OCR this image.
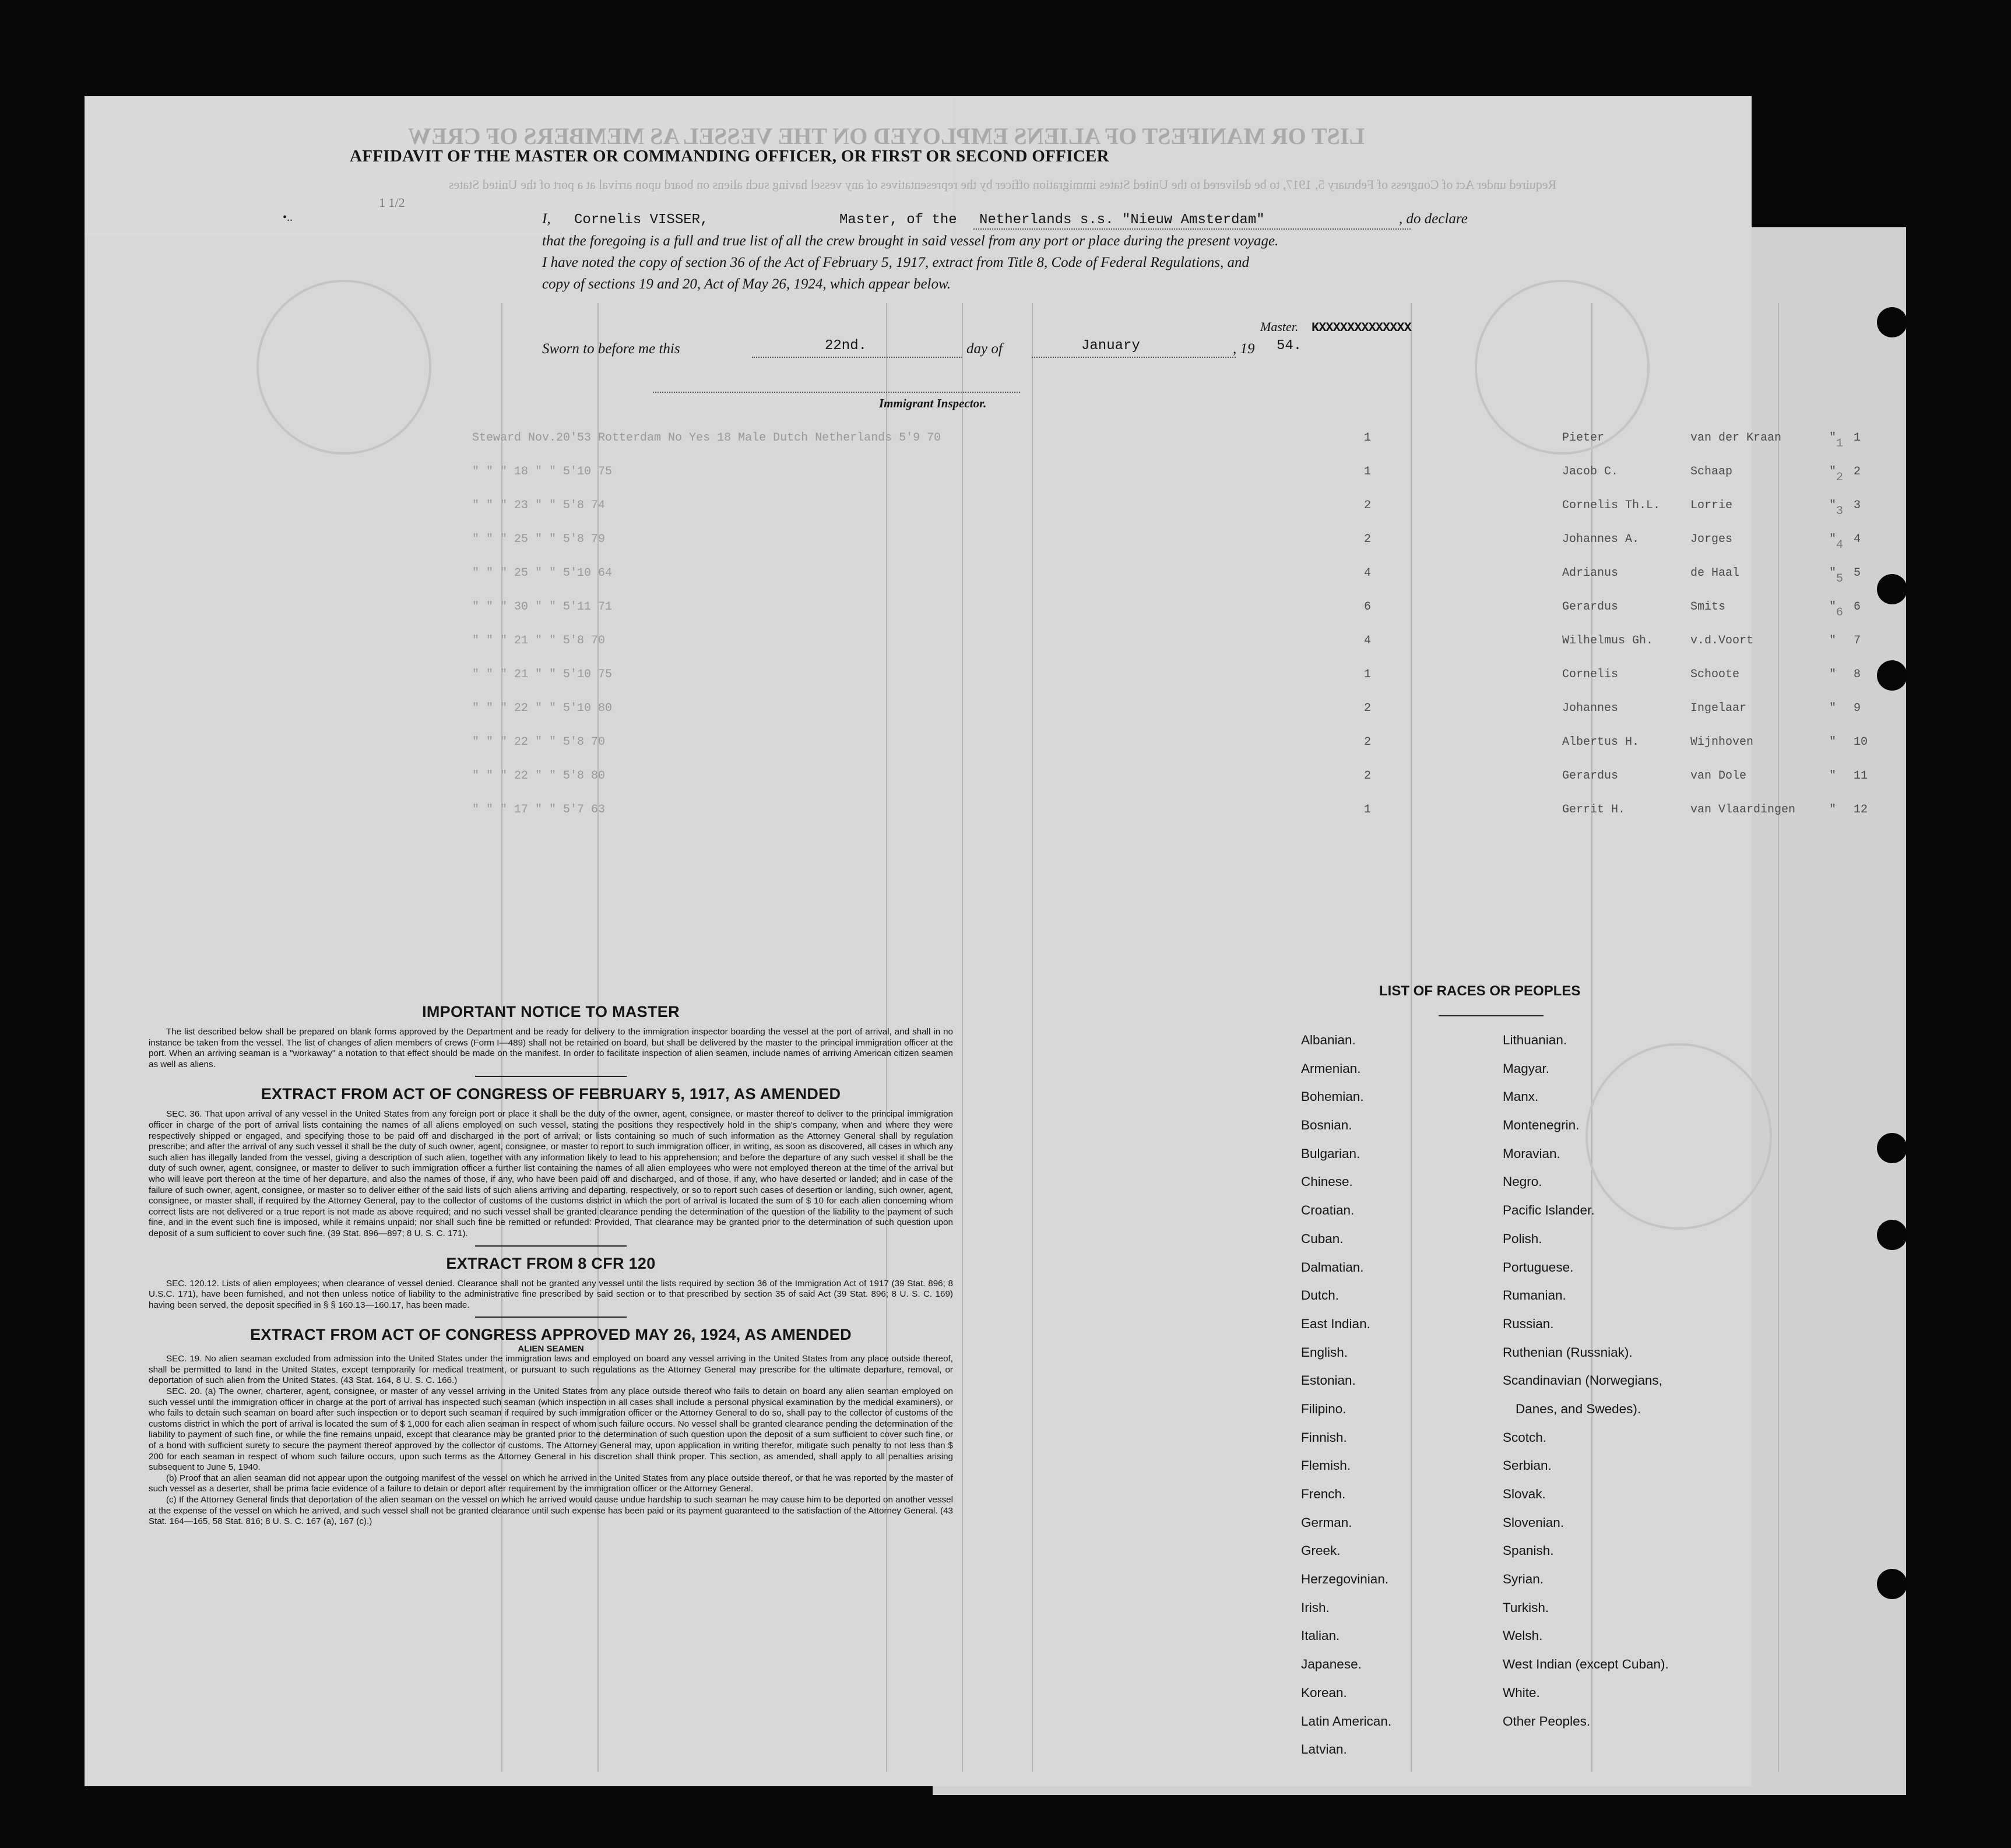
LIST OR MANIFEST OF ALIENS EMPLOYED ON THE VESSEL AS MEMBERS OF CREW
Required under Act of Congress of February 5, 1917, to be delivered to the United States immigration officer by the representatives of any vessel having such aliens on board upon arrival at a port of the United States
AFFIDAVIT OF THE MASTER OR COMMANDING OFFICER, OR FIRST OR SECOND OFFICER
•..
1 1/2
I, Cornelis VISSER,	Master, of the Netherlands s.s. "Nieuw Amsterdam"	, do declare
that the foregoing is a full and true list of all the crew brought in said vessel from any port or place during the present voyage.
I have noted the copy of section 36 of the Act of February 5, 1917, extract from Title 8, Code of Federal Regulations, and
copy of sections 19 and 20, Act of May 26, 1924, which appear below.
Sworn to before me this	22nd.	day of	January	, 19 54.
Master. KXXXXXXXXXXXXX
Immigrant Inspector.
1
2
3
4
5
6
Steward Nov.20'53 Rotterdam No Yes 18 Male Dutch Netherlands 5'9 70	1	Pieter	van der Kraan	" 1
" " " 18 " " 5'10 75	1	Jacob C.	Schaap	" 2
" " " 23 " " 5'8 74	2	Cornelis Th.L.	Lorrie	" 3
" " " 25 " " 5'8 79	2	Johannes A.	Jorges	" 4
" " " 25 " " 5'10 64	4	Adrianus	de Haal	" 5
" " " 30 " " 5'11 71	6	Gerardus	Smits	" 6
" " " 21 " " 5'8 70	4	Wilhelmus Gh.	v.d.Voort	" 7
" " " 21 " " 5'10 75	1	Cornelis	Schoote	" 8
" " " 22 " " 5'10 80	2	Johannes	Ingelaar	" 9
" " " 22 " " 5'8 70	2	Albertus H.	Wijnhoven	" 10
" " " 22 " " 5'8 80	2	Gerardus	van Dole	" 11
" " " 17 " " 5'7 63	1	Gerrit H.	van Vlaardingen	" 12
IMPORTANT NOTICE TO MASTER
The list described below shall be prepared on blank forms approved by the Department and be ready for delivery to the immigration inspector boarding the vessel at the port of arrival, and shall in no instance be taken from the vessel. The list of changes of alien members of crews (Form I—489) shall not be retained on board, but shall be delivered by the master to the principal immigration officer at the port. When an arriving seaman is a "workaway" a notation to that effect should be made on the manifest. In order to facilitate inspection of alien seamen, include names of arriving American citizen seamen as well as aliens.
EXTRACT FROM ACT OF CONGRESS OF FEBRUARY 5, 1917, AS AMENDED
SEC. 36. That upon arrival of any vessel in the United States from any foreign port or place it shall be the duty of the owner, agent, consignee, or master thereof to deliver to the principal immigration officer in charge of the port of arrival lists containing the names of all aliens employed on such vessel, stating the positions they respectively hold in the ship's company, when and where they were respectively shipped or engaged, and specifying those to be paid off and discharged in the port of arrival; or lists containing so much of such information as the Attorney General shall by regulation prescribe; and after the arrival of any such vessel it shall be the duty of such owner, agent, consignee, or master to report to such immigration officer, in writing, as soon as discovered, all cases in which any such alien has illegally landed from the vessel, giving a description of such alien, together with any information likely to lead to his apprehension; and before the departure of any such vessel it shall be the duty of such owner, agent, consignee, or master to deliver to such immigration officer a further list containing the names of all alien employees who were not employed thereon at the time of the arrival but who will leave port thereon at the time of her departure, and also the names of those, if any, who have been paid off and discharged, and of those, if any, who have deserted or landed; and in case of the failure of such owner, agent, consignee, or master so to deliver either of the said lists of such aliens arriving and departing, respectively, or so to report such cases of desertion or landing, such owner, agent, consignee, or master shall, if required by the Attorney General, pay to the collector of customs of the customs district in which the port of arrival is located the sum of $ 10 for each alien concerning whom correct lists are not delivered or a true report is not made as above required; and no such vessel shall be granted clearance pending the determination of the question of the liability to the payment of such fine, and in the event such fine is imposed, while it remains unpaid; nor shall such fine be remitted or refunded: Provided, That clearance may be granted prior to the determination of such question upon deposit of a sum sufficient to cover such fine. (39 Stat. 896—897; 8 U. S. C. 171).
EXTRACT FROM 8 CFR 120
SEC. 120.12. Lists of alien employees; when clearance of vessel denied. Clearance shall not be granted any vessel until the lists required by section 36 of the Immigration Act of 1917 (39 Stat. 896; 8 U.S.C. 171), have been furnished, and not then unless notice of liability to the administrative fine prescribed by said section or to that prescribed by section 35 of said Act (39 Stat. 896; 8 U. S. C. 169) having been served, the deposit specified in § § 160.13—160.17, has been made.
EXTRACT FROM ACT OF CONGRESS APPROVED MAY 26, 1924, AS AMENDED
ALIEN SEAMEN
SEC. 19. No alien seaman excluded from admission into the United States under the immigration laws and employed on board any vessel arriving in the United States from any place outside thereof, shall be permitted to land in the United States, except temporarily for medical treatment, or pursuant to such regulations as the Attorney General may prescribe for the ultimate departure, removal, or deportation of such alien from the United States. (43 Stat. 164, 8 U. S. C. 166.)
SEC. 20. (a) The owner, charterer, agent, consignee, or master of any vessel arriving in the United States from any place outside thereof who fails to detain on board any alien seaman employed on such vessel until the immigration officer in charge at the port of arrival has inspected such seaman (which inspection in all cases shall include a personal physical examination by the medical examiners), or who fails to detain such seaman on board after such inspection or to deport such seaman if required by such immigration officer or the Attorney General to do so, shall pay to the collector of customs of the customs district in which the port of arrival is located the sum of $ 1,000 for each alien seaman in respect of whom such failure occurs. No vessel shall be granted clearance pending the determination of the liability to payment of such fine, or while the fine remains unpaid, except that clearance may be granted prior to the determination of such question upon the deposit of a sum sufficient to cover such fine, or of a bond with sufficient surety to secure the payment thereof approved by the collector of customs. The Attorney General may, upon application in writing therefor, mitigate such penalty to not less than $ 200 for each seaman in respect of whom such failure occurs, upon such terms as the Attorney General in his discretion shall think proper. This section, as amended, shall apply to all penalties arising subsequent to June 5, 1940.
(b) Proof that an alien seaman did not appear upon the outgoing manifest of the vessel on which he arrived in the United States from any place outside thereof, or that he was reported by the master of such vessel as a deserter, shall be prima facie evidence of a failure to detain or deport after requirement by the immigration officer or the Attorney General.
(c) If the Attorney General finds that deportation of the alien seaman on the vessel on which he arrived would cause undue hardship to such seaman he may cause him to be deported on another vessel at the expense of the vessel on which he arrived, and such vessel shall not be granted clearance until such expense has been paid or its payment guaranteed to the satisfaction of the Attorney General. (43 Stat. 164—165, 58 Stat. 816; 8 U. S. C. 167 (a), 167 (c).)
LIST OF RACES OR PEOPLES
Albanian.
Armenian.
Bohemian.
Bosnian.
Bulgarian.
Chinese.
Croatian.
Cuban.
Dalmatian.
Dutch.
East Indian.
English.
Estonian.
Filipino.
Finnish.
Flemish.
French.
German.
Greek.
Herzegovinian.
Irish.
Italian.
Japanese.
Korean.
Latin American.
Latvian.
Lithuanian.
Magyar.
Manx.
Montenegrin.
Moravian.
Negro.
Pacific Islander.
Polish.
Portuguese.
Rumanian.
Russian.
Ruthenian (Russniak).
Scandinavian (Norwegians,
Danes, and Swedes).
Scotch.
Serbian.
Slovak.
Slovenian.
Spanish.
Syrian.
Turkish.
Welsh.
West Indian (except Cuban).
White.
Other Peoples.
